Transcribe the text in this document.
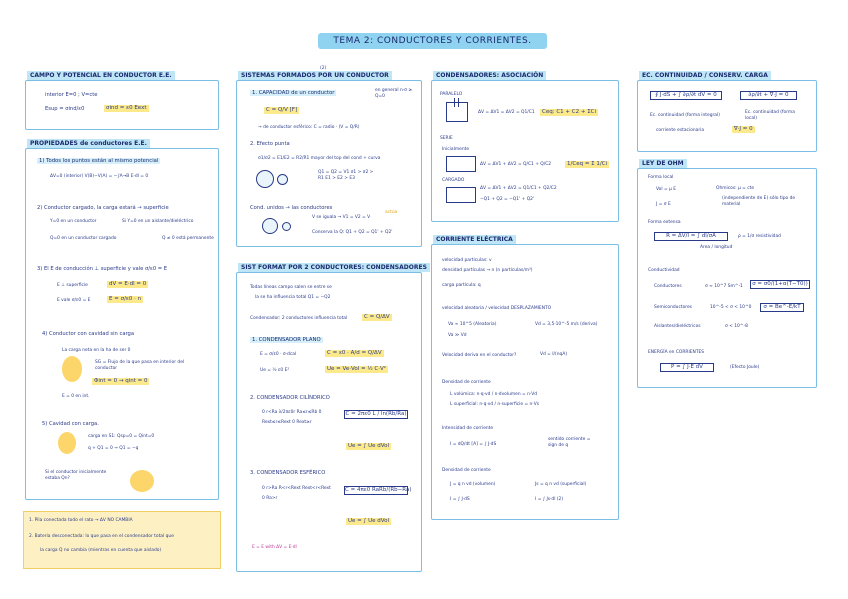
TEMA 2: CONDUCTORES Y CORRIENTES.
CAMPO Y POTENCIAL EN CONDUCTOR E.E.
interior E=0 ; V=cte
Esup = σind/ε0	σind = ε0 Eext
PROPIEDADES de conductores E.E.
1) Todos los puntos están al mismo potencial
ΔV=0 (interior) V(B)−V(A) = −∫A→B E·dl = 0
2) Conductor cargado, la carga estará → superficie
Y=0 en un conductor	Si Y=0 en un aislante/dieléctrico
Q=0 en un conductor cargado	Q ≠ 0 está permanente
3) El E de conducción ⊥ superficie y vale σ/ε0 = E
E ⊥ superficie	dV = E·dl = 0
E vale σ/ε0 = E	E = σ/ε0 · n
4) Conductor con cavidad sin carga
La carga neta en la ha de ser 0
SG = Flujo de la que pasa en interior del conductor
Φint = 0 → qint = 0
E = 0 en int.
5) Cavidad con carga.
carga en S1: Qsp=0 = Qint=0
q + Q1 = 0 → Q1 = −q
Si el conductor inicialmente estaba Qn?
1. Pila conectada todo el rato → ΔV NO CAMBIA
2. Batería desconectada: lo que pasa en el condensador total que
la carga Q no cambia (mientras en cuenta que aislado)
(2)
SISTEMAS FORMADOS POR UN CONDUCTOR
en general n·σ ≥ Q=0
1. CAPACIDAD de un conductor
C = Q/V [F]
→ de conductor esférico: C = radio · (V = Q/R)
2. Efecto punta
σ1/σ2 = E1/E2 = R2/R1 mayor del top del cond + curva
Q1 = Q2 = V1 σ1 > σ2 > R1 E1 > E2 > E3
Cond. unidos → las conductores
V se iguala → V1 = V2 = V
actúa
Conserva la Q: Q1 + Q2 = Q1' + Q2'
SIST FORMAT POR 2 CONDUCTORES: CONDENSADORES
Todas líneas campo salen se entre se
la se ha influencia total Q1 = −Q2
Condensador: 2 conductores influencia total	C = Q/ΔV
1. CONDENSADOR PLANO
E = σ/ε0 · σ·dcal	C = ε0 · A/d = Q/ΔV
Ue = ½ ε0 E²	Ue = Ve·Vol = ½ C·V²
2. CONDENSADOR CILÍNDRICO
0 r<Ra λ/2πε0r Ra≤r≤Rb 0 Rext≤r≤Rext 0 Rext≥r
C = 2πε0 L / ln(Rb/Ra)
Ue = ∫ Ue dVol
3. CONDENSADOR ESFÉRICO
0 r>Ra R<r<Rext Rext<r<Rext 0 Ra>r
C = 4πε0 RaRb/(Rb−Ra)
Ue = ∫ Ue dVol
E = E with ΔV = E·dl
CONDENSADORES: ASOCIACIÓN
PARALELO
ΔV = ΔV1 = ΔV2 = Q1/C1	Ceq: C1 + C2 + ΣCi
SERIE
Inicialmente
ΔV = ΔV1 + ΔV2 = Q/C1 + Q/C2	1/Ceq = Σ 1/Ci
CARGADO
ΔV = ΔV1 + ΔV2 = Q1/C1 + Q2/C2
−Q1 + Q2 = −Q1' + Q2'
CORRIENTE ELÉCTRICA
velocidad partículas: v
densidad partículas → n (n partículas/m³)
carga partícula: q
velocidad aleatoria / velocidad DESPLAZAMIENTO
Va ≈ 10^5 (Aleatoria)	Vd = 3,5·10^-5 m/s (deriva)
Va ≫ Vd
Velocidad deriva en el conductor?	Vd = I/(nqA)
Densidad de corriente
L volúmica: n·q·vd / n·dvolumen = n·Vd
L superficial: n·q·vd / n·superficie = n·Vs
Intensidad de corriente
I = dQ/dt [A] = ∫ J·dS
sentido corriente = sign de q
Densidad de corriente
J = q n vd (volumen)	Js = q n vd (superficial)
I = ∫ J·dS	I = ∫ Js·dl (2)
EC. CONTINUIDAD / CONSERV. CARGA
∮ J·dS + ∫ ∂ρ/∂t dV = 0	∂ρ/∂t + ∇·J = 0
Ec. continuidad (forma integral)
Ec. continuidad (forma local)
corriente estacionaria	∇·J = 0
LEY DE OHM
Forma local
Vol = μ E	Ohmicos: μ = cte
(independiente de E) sólo tipo de material
J = σ E
Forma extensa
R = ΔV/I = ∫ dl/σA	ρ = 1/σ resistividad
Area / longitud
Conductividad
Conductores	σ ≈ 10^7 Sm^-1	σ = σ0/(1+α(T−T0))
Semiconductores	10^-5 < σ < 10^0	σ = Be^-E/kT
Aislantes/dieléctricos	σ < 10^-8
ENERGÍA en CORRIENTES
P = ∫ J·E dV	(Efecto Joule)
